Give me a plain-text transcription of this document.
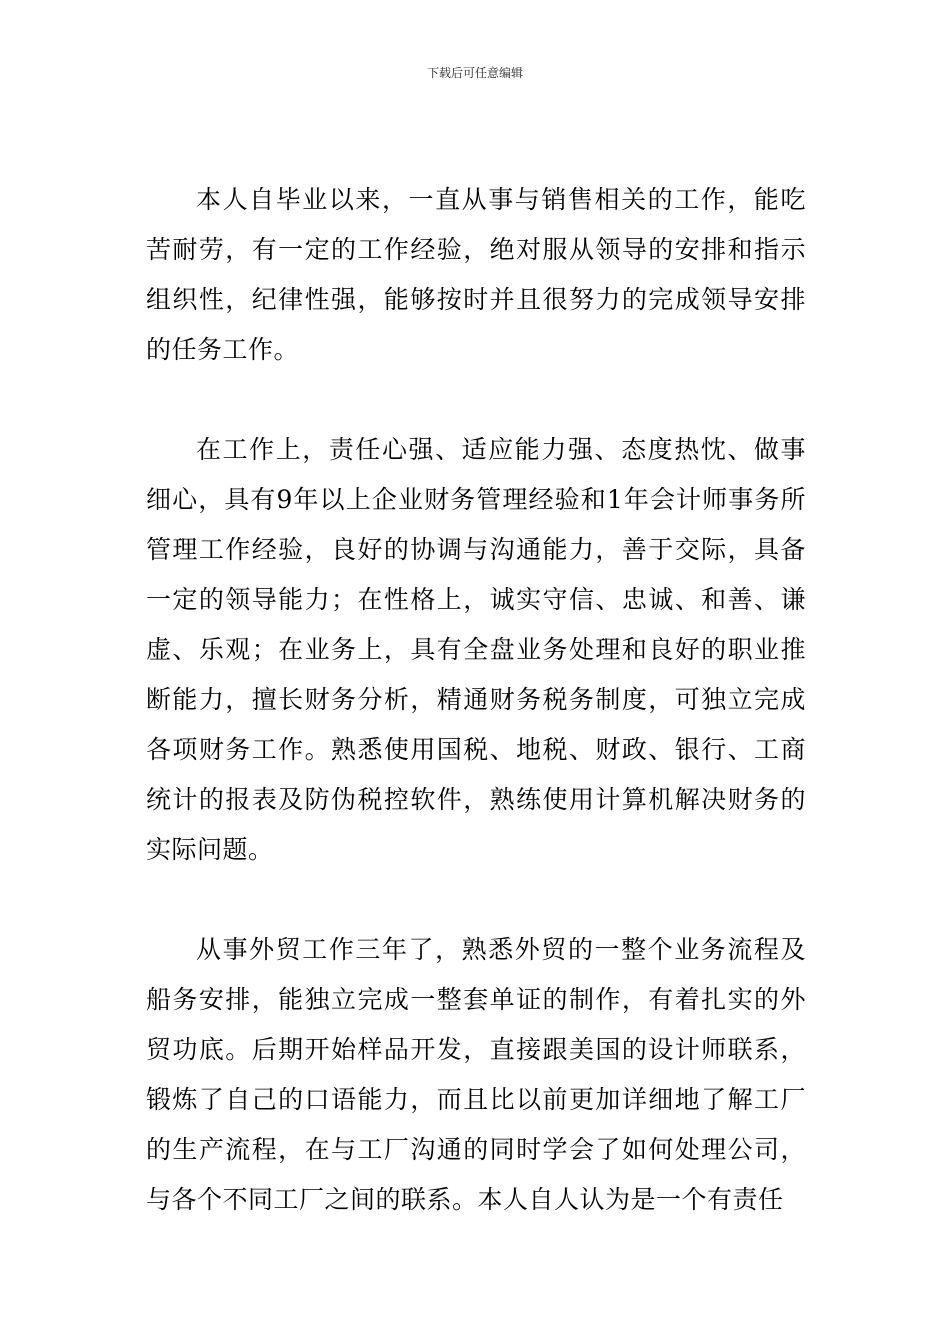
下载后可任意编辑

本人自毕业以来，一直从事与销售相关的工作，能吃苦耐劳，有一定的工作经验，绝对服从领导的安排和指示组织性，纪律性强，能够按时并且很努力的完成领导安排的任务工作。

在工作上，责任心强、适应能力强、态度热忱、做事细心，具有9年以上企业财务管理经验和1年会计师事务所管理工作经验，良好的协调与沟通能力，善于交际，具备一定的领导能力；在性格上，诚实守信、忠诚、和善、谦虚、乐观；在业务上，具有全盘业务处理和良好的职业推断能力，擅长财务分析，精通财务税务制度，可独立完成各项财务工作。熟悉使用国税、地税、财政、银行、工商统计的报表及防伪税控软件，熟练使用计算机解决财务的实际问题。

从事外贸工作三年了，熟悉外贸的一整个业务流程及船务安排，能独立完成一整套单证的制作，有着扎实的外贸功底。后期开始样品开发，直接跟美国的设计师联系，锻炼了自己的口语能力，而且比以前更加详细地了解工厂的生产流程，在与工厂沟通的同时学会了如何处理公司，与各个不同工厂之间的联系。本人自人认为是一个有责任
